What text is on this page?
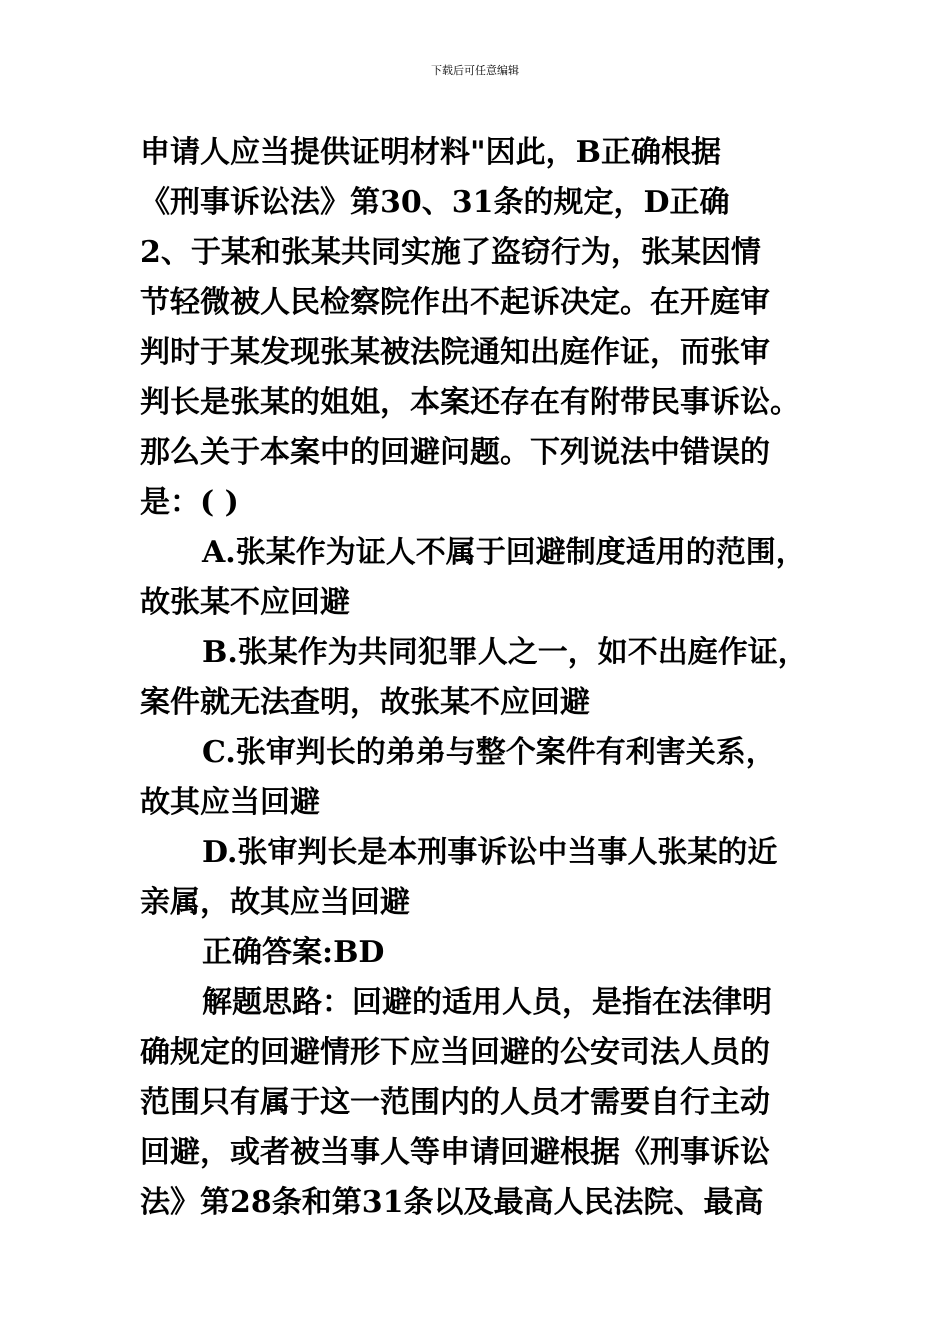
下载后可任意编辑
申请人应当提供证明材料"因此，B正确根据
《刑事诉讼法》第30、31条的规定，D正确
2、于某和张某共同实施了盗窃行为，张某因情
节轻微被人民检察院作出不起诉决定。在开庭审
判时于某发现张某被法院通知出庭作证，而张审
判长是张某的姐姐，本案还存在有附带民事诉讼。
那么关于本案中的回避问题。下列说法中错误的
是：( )
A.张某作为证人不属于回避制度适用的范围，
故张某不应回避
B.张某作为共同犯罪人之一，如不出庭作证，
案件就无法查明，故张某不应回避
C.张审判长的弟弟与整个案件有利害关系，
故其应当回避
D.张审判长是本刑事诉讼中当事人张某的近
亲属，故其应当回避
正确答案:BD
解题思路：回避的适用人员，是指在法律明
确规定的回避情形下应当回避的公安司法人员的
范围只有属于这一范围内的人员才需要自行主动
回避，或者被当事人等申请回避根据《刑事诉讼
法》第28条和第31条以及最高人民法院、最高
